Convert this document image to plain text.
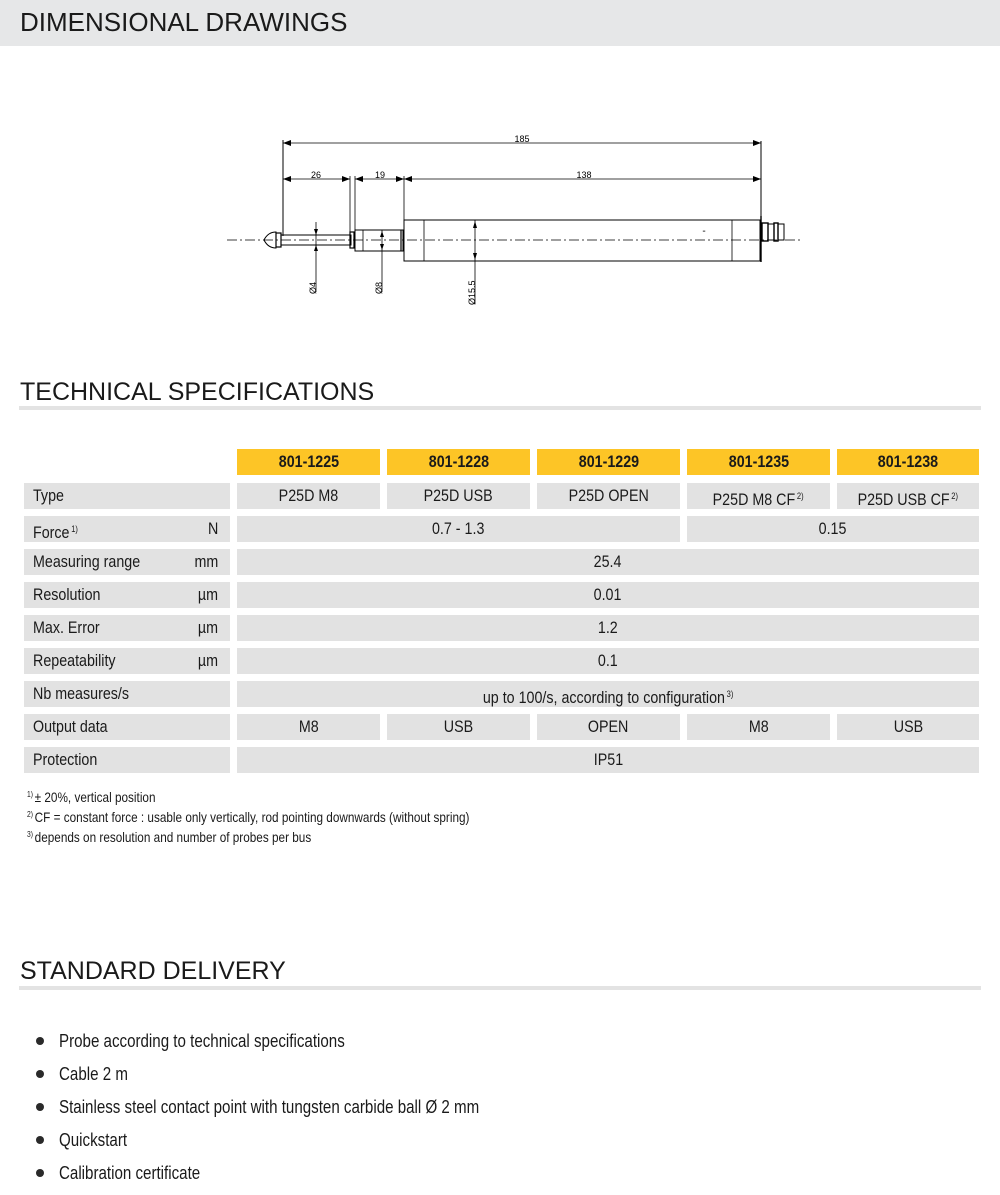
DIMENSIONAL DRAWINGS
-
185
26	19	138
Ø4	Ø8	Ø15.5
TECHNICAL SPECIFICATIONS
801-1225	801-1228	801-1229	801-1235	801-1238
Type	P25D M8	P25D USB	P25D OPEN	P25D M8 CF $^{2)}$	P25D USB CF $^{2)}$
Force $^{1)}$	N	0.7 - 1.3	0.15
Measuring range	mm	25.4
Resolution	µm	0.01
Max. Error	µm	1.2
Repeatability	µm	0.1
Nb measures/s	up to 100/s, according to configuration $^{3)}$
Output data	M8	USB	OPEN	M8	USB
Protection	IP51
$^{1)}$ ± 20%, vertical position
$^{2)}$ CF = constant force : usable only vertically, rod pointing downwards (without spring)
$^{3)}$ depends on resolution and number of probes per bus
STANDARD DELIVERY
Probe according to technical specifications
Cable 2 m
Stainless steel contact point with tungsten carbide ball Ø 2 mm
Quickstart
Calibration certificate
